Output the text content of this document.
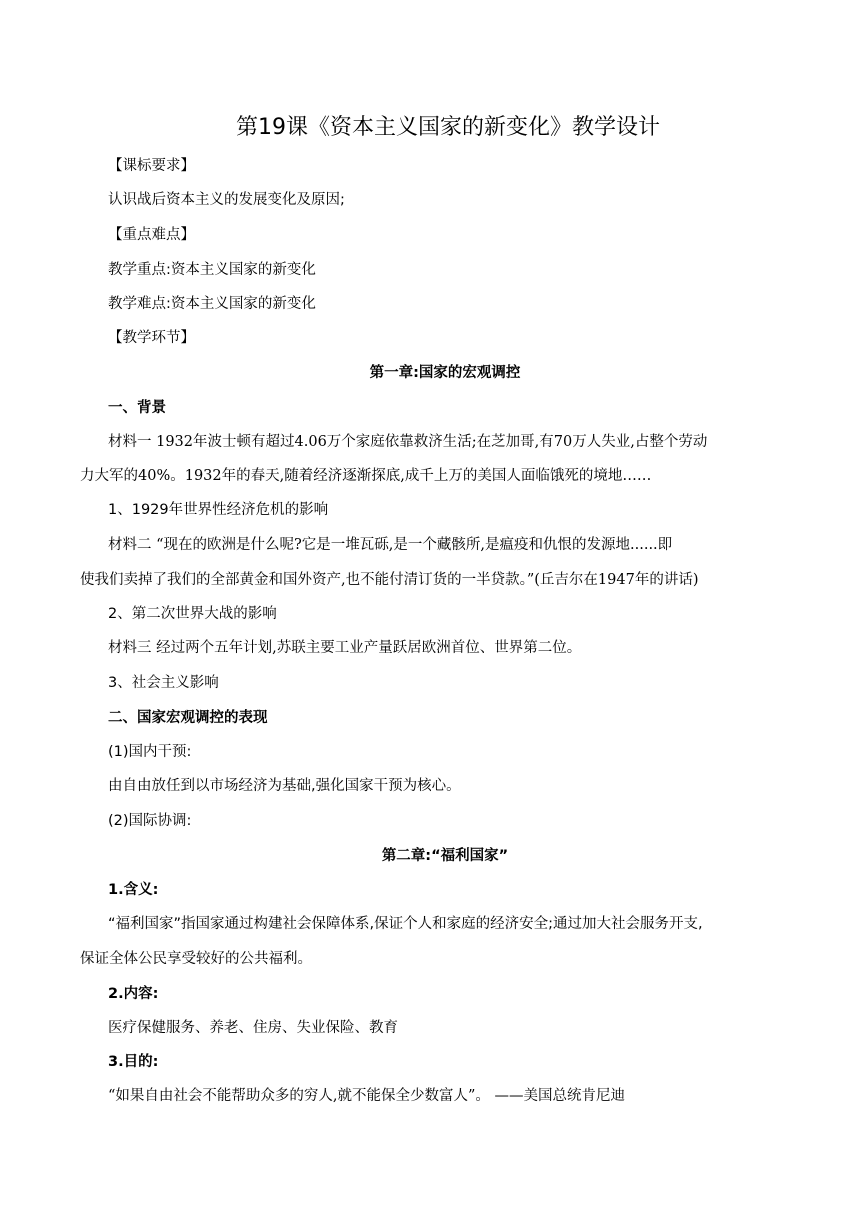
第19课《资本主义国家的新变化》教学设计
【课标要求】
认识战后资本主义的发展变化及原因;
【重点难点】
教学重点:资本主义国家的新变化
教学难点:资本主义国家的新变化
【教学环节】
第一章:国家的宏观调控
一、背景
材料一 1932年波士顿有超过4.06万个家庭依靠救济生活;在芝加哥,有70万人失业,占整个劳动
力大军的40%。1932年的春天,随着经济逐渐探底,成千上万的美国人面临饿死的境地……
1、1929年世界性经济危机的影响
材料二 “现在的欧洲是什么呢?它是一堆瓦砾,是一个藏骸所,是瘟疫和仇恨的发源地......即
使我们卖掉了我们的全部黄金和国外资产,也不能付清订货的一半贷款。”(丘吉尔在1947年的讲话)
2、第二次世界大战的影响
材料三 经过两个五年计划,苏联主要工业产量跃居欧洲首位、世界第二位。
3、社会主义影响
二、国家宏观调控的表现
(1)国内干预:
由自由放任到以市场经济为基础,强化国家干预为核心。
(2)国际协调:
第二章:“福利国家”
1.含义:
“福利国家”指国家通过构建社会保障体系,保证个人和家庭的经济安全;通过加大社会服务开支,
保证全体公民享受较好的公共福利。
2.内容:
医疗保健服务、养老、住房、失业保险、教育
3.目的:
“如果自由社会不能帮助众多的穷人,就不能保全少数富人”。 ——美国总统肯尼迪
